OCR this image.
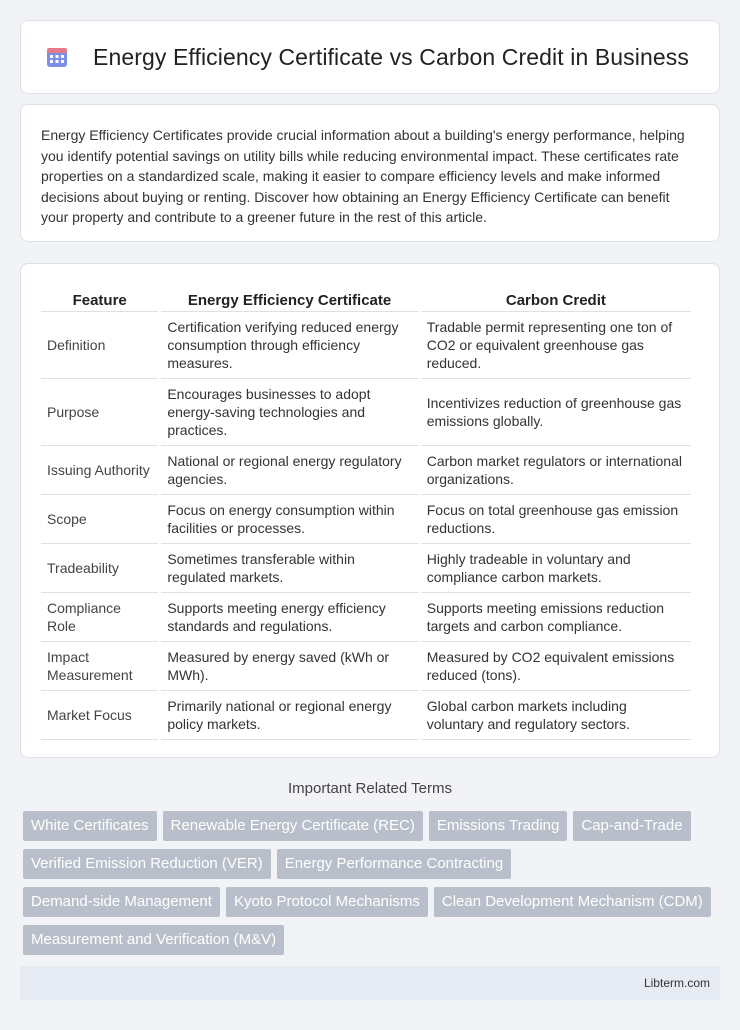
Energy Efficiency Certificate vs Carbon Credit in Business

Energy Efficiency Certificates provide crucial information about a building's energy performance, helping you identify potential savings on utility bills while reducing environmental impact. These certificates rate properties on a standardized scale, making it easier to compare efficiency levels and make informed decisions about buying or renting. Discover how obtaining an Energy Efficiency Certificate can benefit your property and contribute to a greener future in the rest of this article.

Feature	Energy Efficiency Certificate	Carbon Credit
Definition	Certification verifying reduced energy consumption through efficiency measures.	Tradable permit representing one ton of CO2 or equivalent greenhouse gas reduced.
Purpose	Encourages businesses to adopt energy-saving technologies and practices.	Incentivizes reduction of greenhouse gas emissions globally.
Issuing Authority	National or regional energy regulatory agencies.	Carbon market regulators or international organizations.
Scope	Focus on energy consumption within facilities or processes.	Focus on total greenhouse gas emission reductions.
Tradeability	Sometimes transferable within regulated markets.	Highly tradeable in voluntary and compliance carbon markets.
Compliance Role	Supports meeting energy efficiency standards and regulations.	Supports meeting emissions reduction targets and carbon compliance.
Impact Measurement	Measured by energy saved (kWh or MWh).	Measured by CO2 equivalent emissions reduced (tons).
Market Focus	Primarily national or regional energy policy markets.	Global carbon markets including voluntary and regulatory sectors.
Important Related Terms
White Certificates	Renewable Energy Certificate (REC)	Emissions Trading	Cap-and-Trade
Verified Emission Reduction (VER)	Energy Performance Contracting
Demand-side Management	Kyoto Protocol Mechanisms	Clean Development Mechanism (CDM)
Measurement and Verification (M&V)
Libterm.com
